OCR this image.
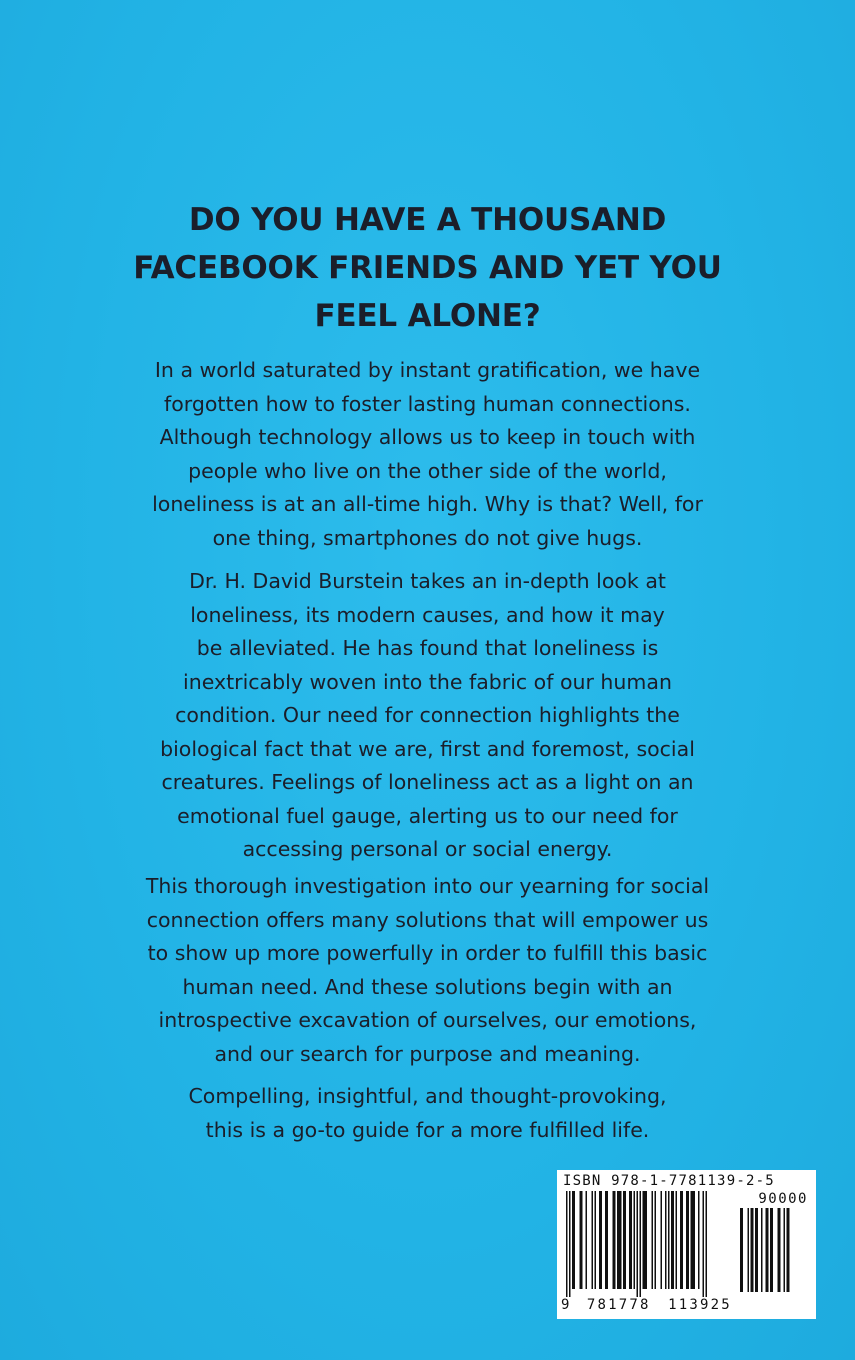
DO YOU HAVE A THOUSAND
FACEBOOK FRIENDS AND YET YOU
FEEL ALONE?

In a world saturated by instant gratification, we have
forgotten how to foster lasting human connections.
Although technology allows us to keep in touch with
people who live on the other side of the world,
loneliness is at an all-time high. Why is that? Well, for
one thing, smartphones do not give hugs.

Dr. H. David Burstein takes an in-depth look at
loneliness, its modern causes, and how it may
be alleviated. He has found that loneliness is
inextricably woven into the fabric of our human
condition. Our need for connection highlights the
biological fact that we are, first and foremost, social
creatures. Feelings of loneliness act as a light on an
emotional fuel gauge, alerting us to our need for
accessing personal or social energy.

This thorough investigation into our yearning for social
connection offers many solutions that will empower us
to show up more powerfully in order to fulfill this basic
human need. And these solutions begin with an
introspective excavation of ourselves, our emotions,
and our search for purpose and meaning.

Compelling, insightful, and thought-provoking,
this is a go-to guide for a more fulfilled life.

ISBN 978-1-7781139-2-5
90000
9 781778 113925
